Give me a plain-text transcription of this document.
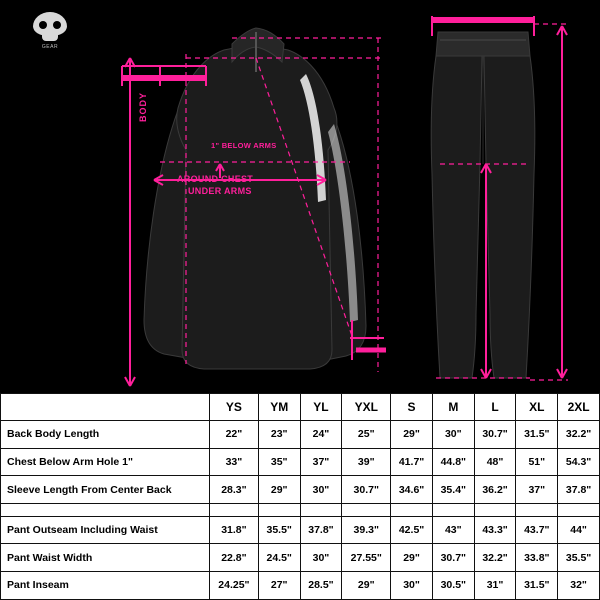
GEAR
BODY
1" BELOW ARMS
AROUND CHEST
UNDER ARMS
	YS	YM	YL	YXL	S	M	L	XL	2XL
Back Body Length	22"	23"	24"	25"	29"	30"	30.7"	31.5"	32.2"
Chest Below Arm Hole 1"	33"	35"	37"	39"	41.7"	44.8"	48"	51"	54.3"
Sleeve Length From Center Back	28.3"	29"	30"	30.7"	34.6"	35.4"	36.2"	37"	37.8"

Pant Outseam Including Waist	31.8"	35.5"	37.8"	39.3"	42.5"	43"	43.3"	43.7"	44"
Pant Waist Width	22.8"	24.5"	30"	27.55"	29"	30.7"	32.2"	33.8"	35.5"
Pant Inseam	24.25"	27"	28.5"	29"	30"	30.5"	31"	31.5"	32"
